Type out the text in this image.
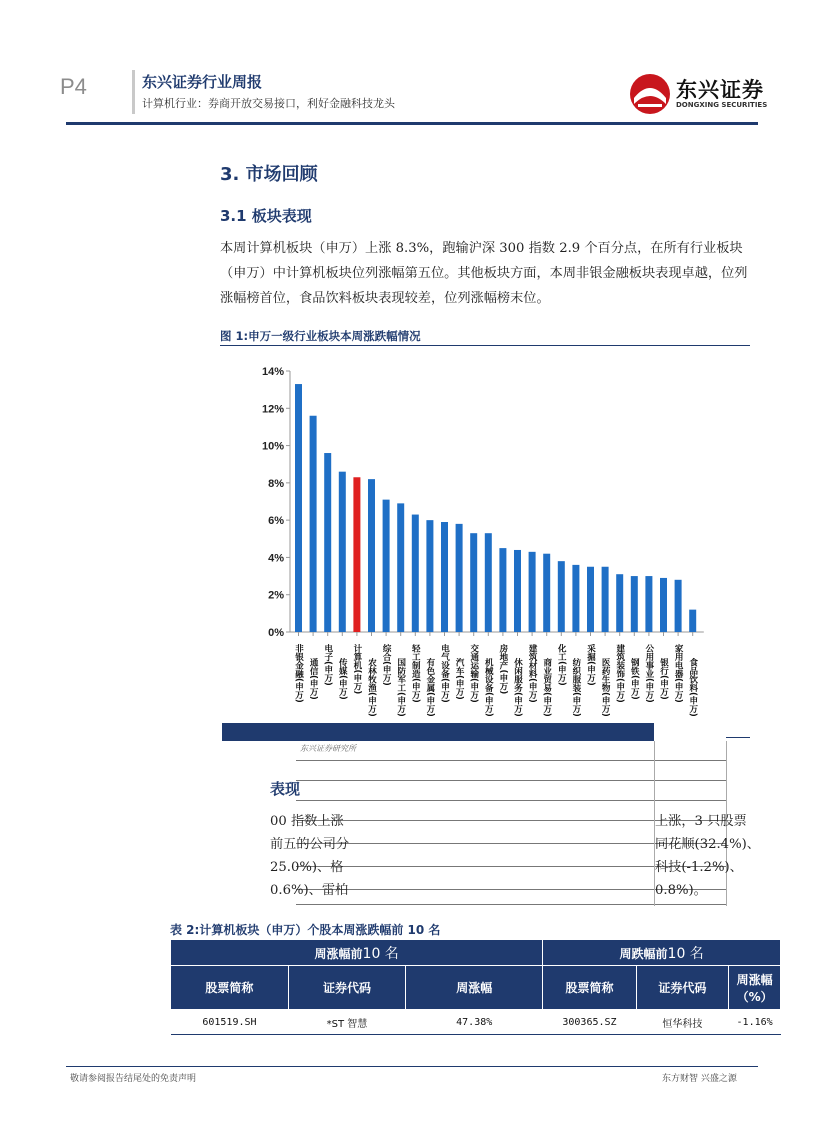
P4	东兴证券行业周报
计算机行业：券商开放交易接口，利好金融科技龙头
东兴证券
DONGXING SECURITIES
3. 市场回顾
3.1 板块表现
本周计算机板块（申万）上涨 8.3%，跑输沪深 300 指数 2.9 个百分点，在所有行业板块（申万）中计算机板块位列涨幅第五位。其他板块方面，本周非银金融板块表现卓越，位列涨幅榜首位，食品饮料板块表现较差，位列涨幅榜末位。
图 1:申万一级行业板块本周涨跌幅情况
0%
2%
4%
6%
8%
10%
12%
14%
非银金融(申万) 通信(申万) 电子(申万) 传媒(申万) 计算机(申万) 农林牧渔(申万) 综合(申万) 国防军工(申万) 轻工制造(申万) 有色金属(申万) 电气设备(申万) 汽车(申万) 交通运输(申万) 机械设备(申万) 房地产(申万) 休闲服务(申万) 建筑材料(申万) 商业贸易(申万) 化工(申万) 纺织服装(申万) 采掘(申万) 医药生物(申万) 建筑装饰(申万) 钢铁(申万) 公用事业(申万) 银行(申万) 家用电器(申万) 食品饮料(申万)
东兴证券研究所
表现
00 指数上涨	上涨，3 只股票
前五的公司分	同花顺(32.4%)、
25.0%)、格	科技(-1.2%)、
0.6%)、雷柏	0.8%)。
表 2:计算机板块（申万）个股本周涨跌幅前 10 名
周涨幅前10 名			周跌幅前10 名		
股票简称	证券代码	周涨幅	股票简称	证券代码	周涨幅（%）
601519.SH	*ST 智慧	47.38%	300365.SZ	恒华科技	-1.16%
敬请参阅报告结尾处的免责声明	东方财智 兴盛之源
